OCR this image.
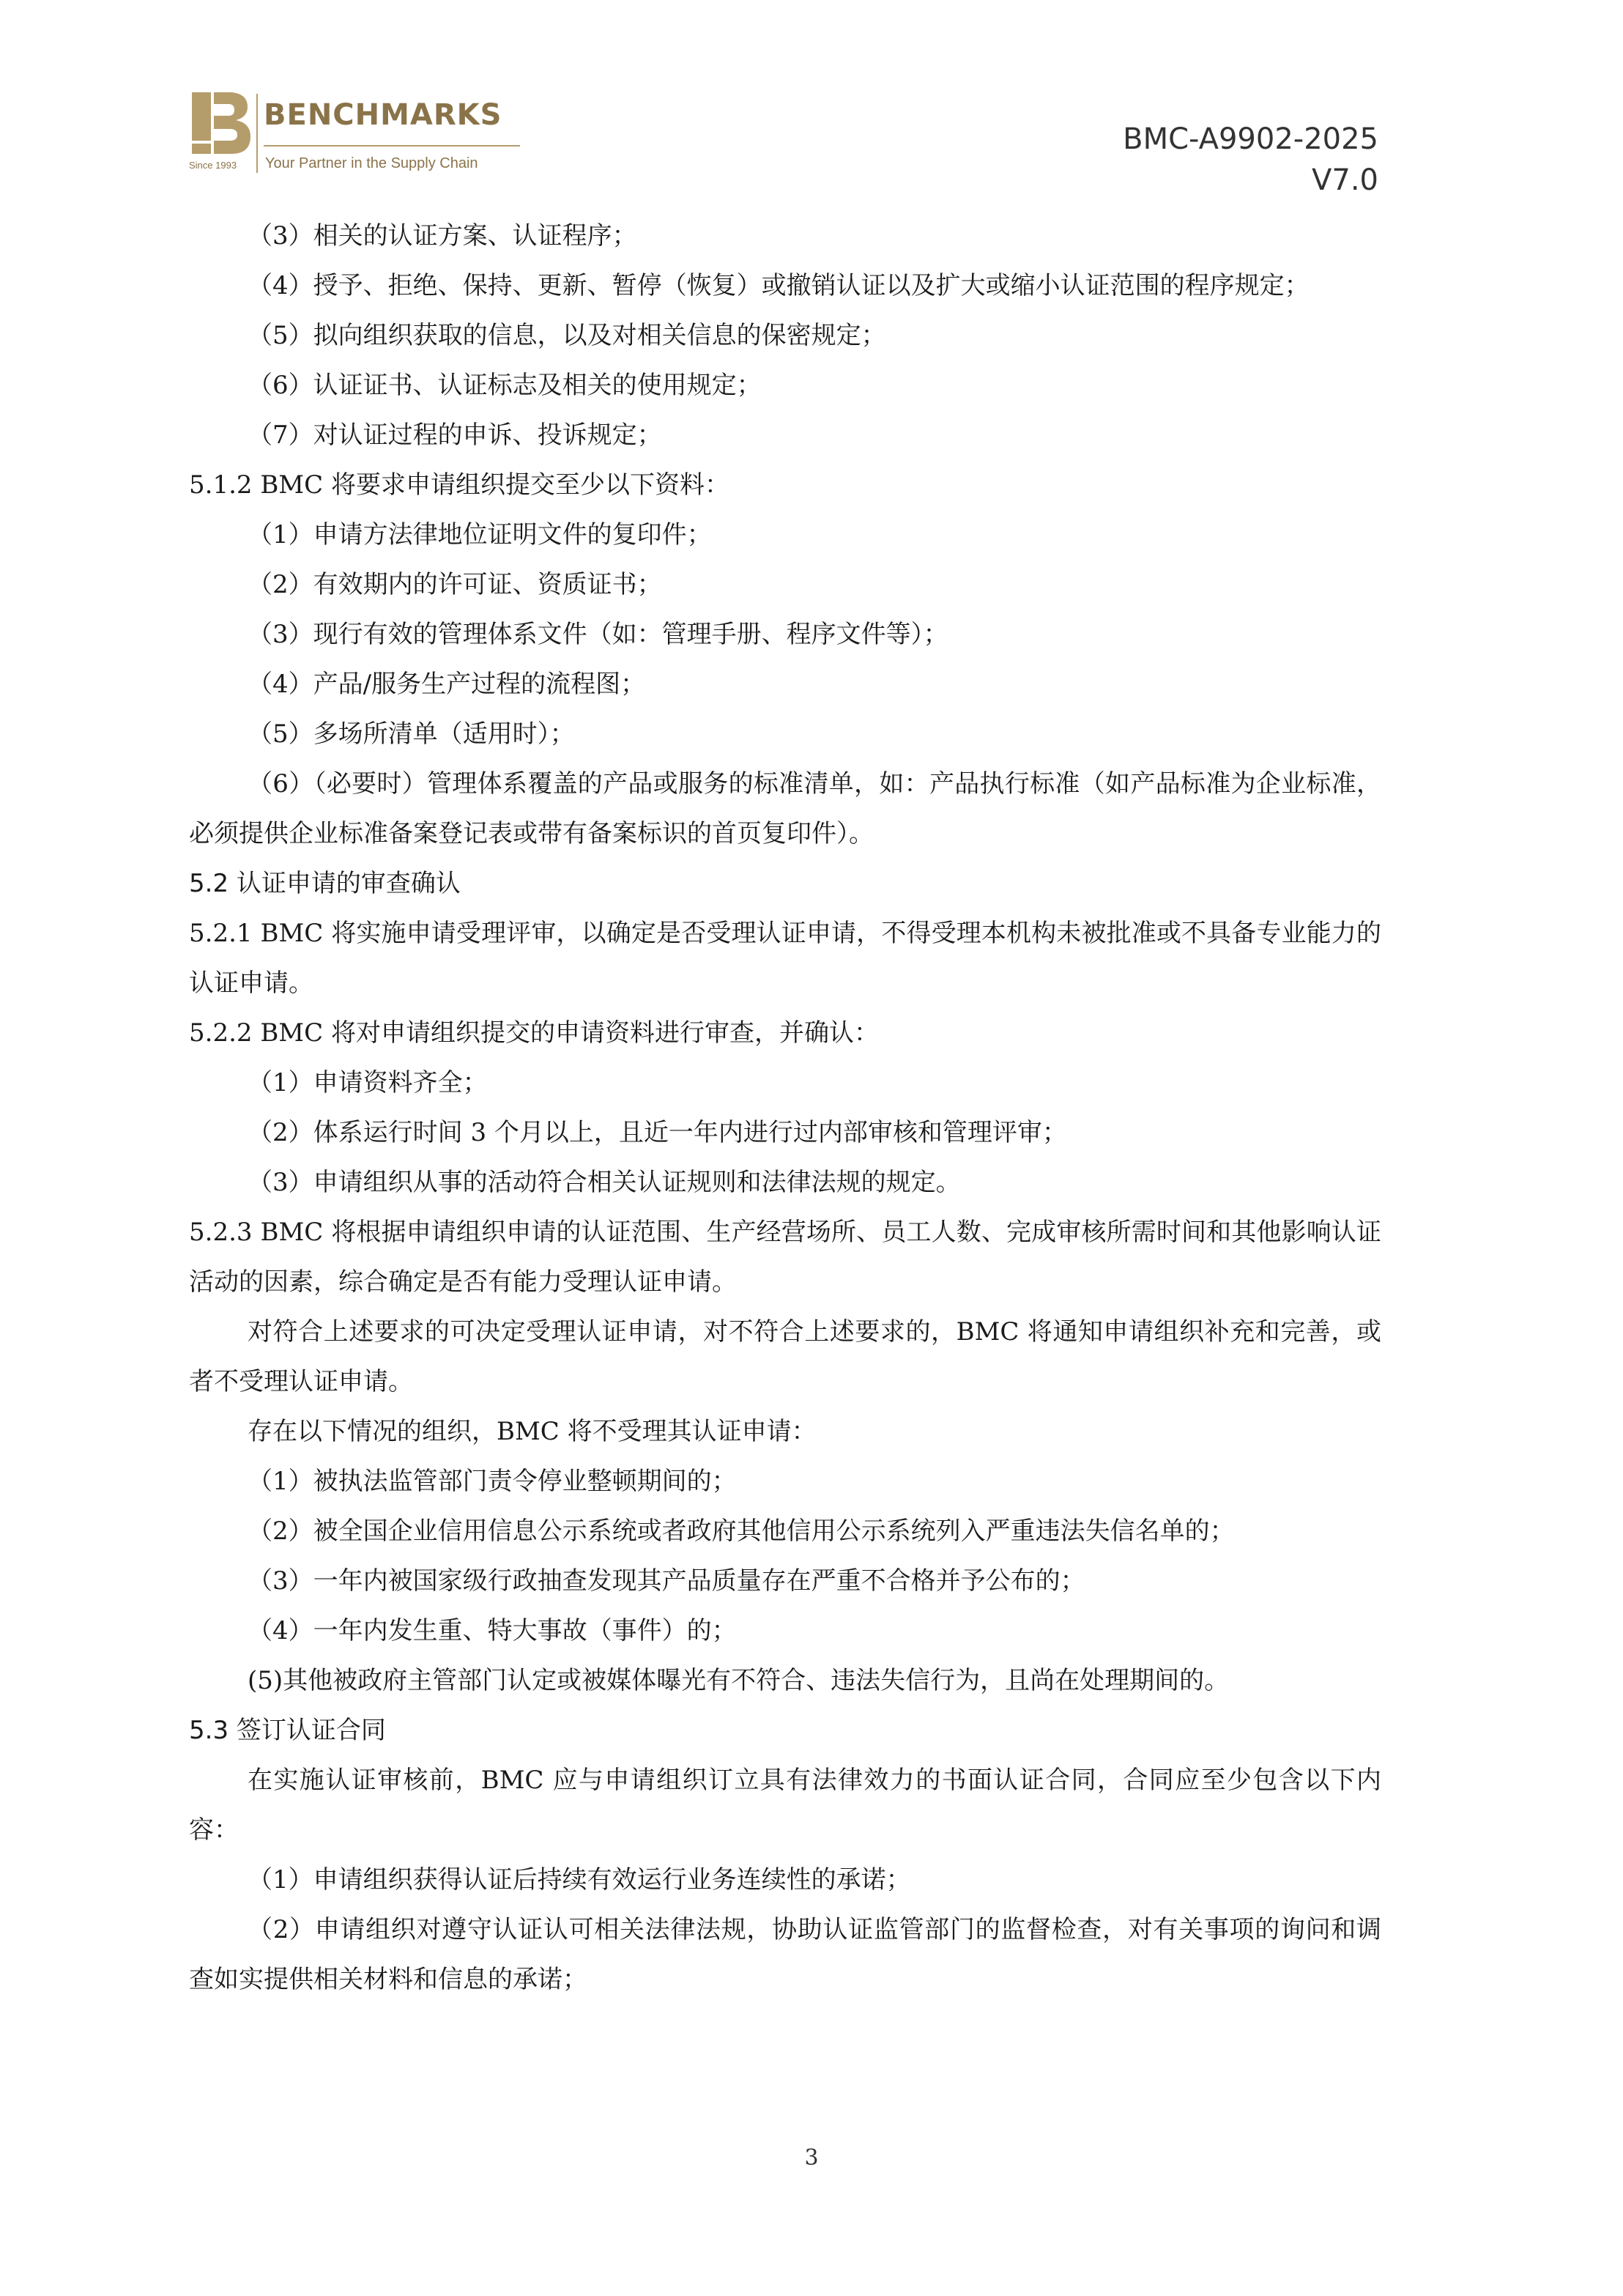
Since 1993
BENCHMARKS
Your Partner in the Supply Chain
BMC-A9902-2025
V7.0

（3）相关的认证方案、认证程序；

（4）授予、拒绝、保持、更新、暂停（恢复）或撤销认证以及扩大或缩小认证范围的程序规定；

（5）拟向组织获取的信息，以及对相关信息的保密规定；

（6）认证证书、认证标志及相关的使用规定；

（7）对认证过程的申诉、投诉规定；

5.1.2 BMC 将要求申请组织提交至少以下资料：

（1）申请方法律地位证明文件的复印件；

（2）有效期内的许可证、资质证书；

（3）现行有效的管理体系文件（如：管理手册、程序文件等）；

（4）产品/服务生产过程的流程图；

（5）多场所清单（适用时）；

（6）（必要时）管理体系覆盖的产品或服务的标准清单，如：产品执行标准（如产品标准为企业标准，必须提供企业标准备案登记表或带有备案标识的首页复印件）。

5.2 认证申请的审查确认

5.2.1 BMC 将实施申请受理评审，以确定是否受理认证申请，不得受理本机构未被批准或不具备专业能力的认证申请。

5.2.2 BMC 将对申请组织提交的申请资料进行审查，并确认：

（1）申请资料齐全；

（2）体系运行时间 3 个月以上，且近一年内进行过内部审核和管理评审；

（3）申请组织从事的活动符合相关认证规则和法律法规的规定。

5.2.3 BMC 将根据申请组织申请的认证范围、生产经营场所、员工人数、完成审核所需时间和其他影响认证活动的因素，综合确定是否有能力受理认证申请。

对符合上述要求的可决定受理认证申请，对不符合上述要求的，BMC 将通知申请组织补充和完善，或者不受理认证申请。

存在以下情况的组织，BMC 将不受理其认证申请：

（1）被执法监管部门责令停业整顿期间的；

（2）被全国企业信用信息公示系统或者政府其他信用公示系统列入严重违法失信名单的；

（3）一年内被国家级行政抽查发现其产品质量存在严重不合格并予公布的；

（4）一年内发生重、特大事故（事件）的；

(5)其他被政府主管部门认定或被媒体曝光有不符合、违法失信行为，且尚在处理期间的。

5.3 签订认证合同

在实施认证审核前，BMC 应与申请组织订立具有法律效力的书面认证合同，合同应至少包含以下内容：

（1）申请组织获得认证后持续有效运行业务连续性的承诺；

（2）申请组织对遵守认证认可相关法律法规，协助认证监管部门的监督检查，对有关事项的询问和调查如实提供相关材料和信息的承诺；

3
